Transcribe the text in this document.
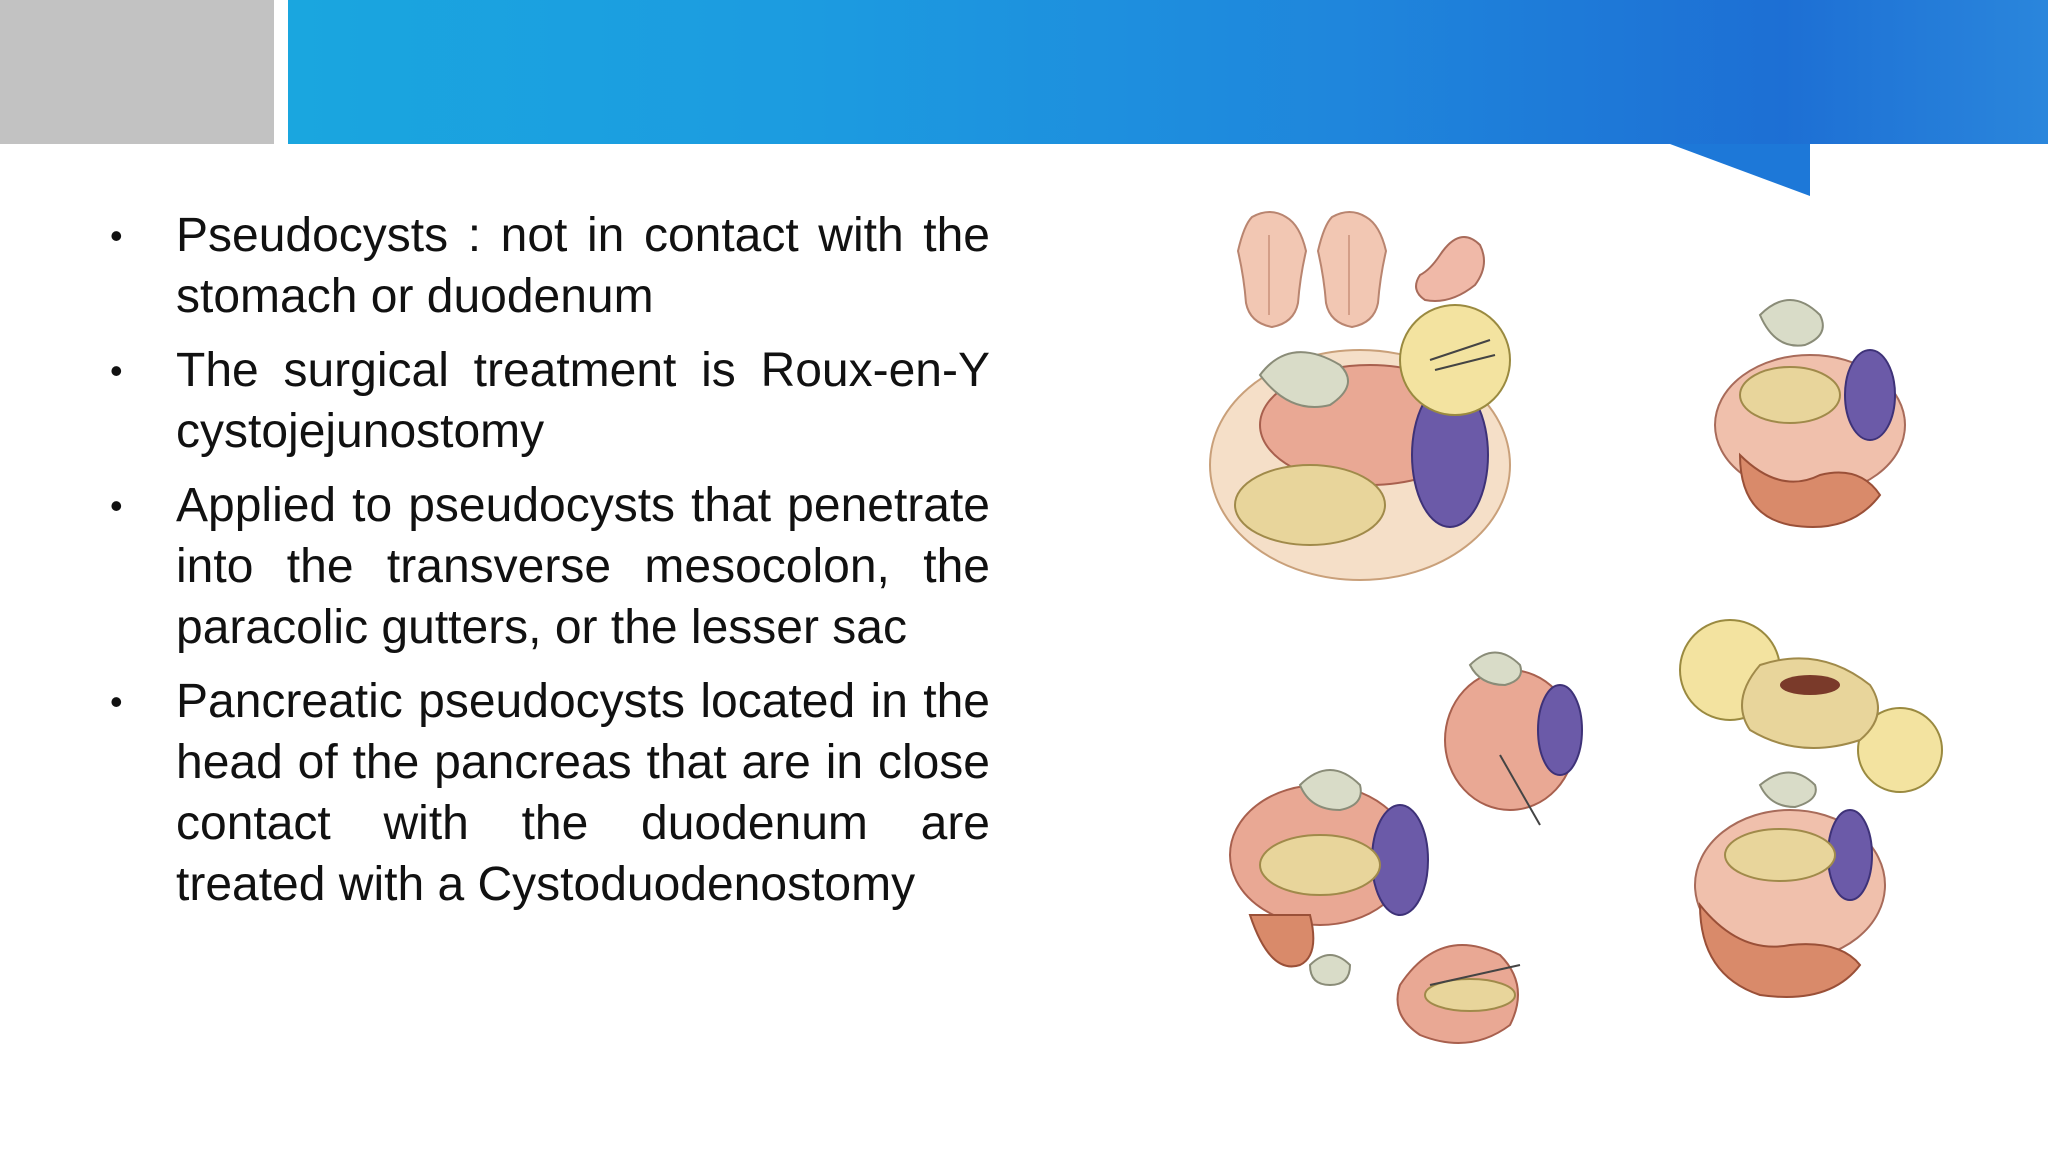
•	Pseudocysts : not in contact with the stomach or duodenum
•	The surgical treatment is Roux-en-Y cystojejunostomy
•	Applied to pseudocysts that penetrate into the transverse mesocolon, the paracolic gutters, or the lesser sac
•	Pancreatic pseudocysts located in the head of the pancreas that are in close contact with the duodenum are treated with a Cystoduodenostomy
